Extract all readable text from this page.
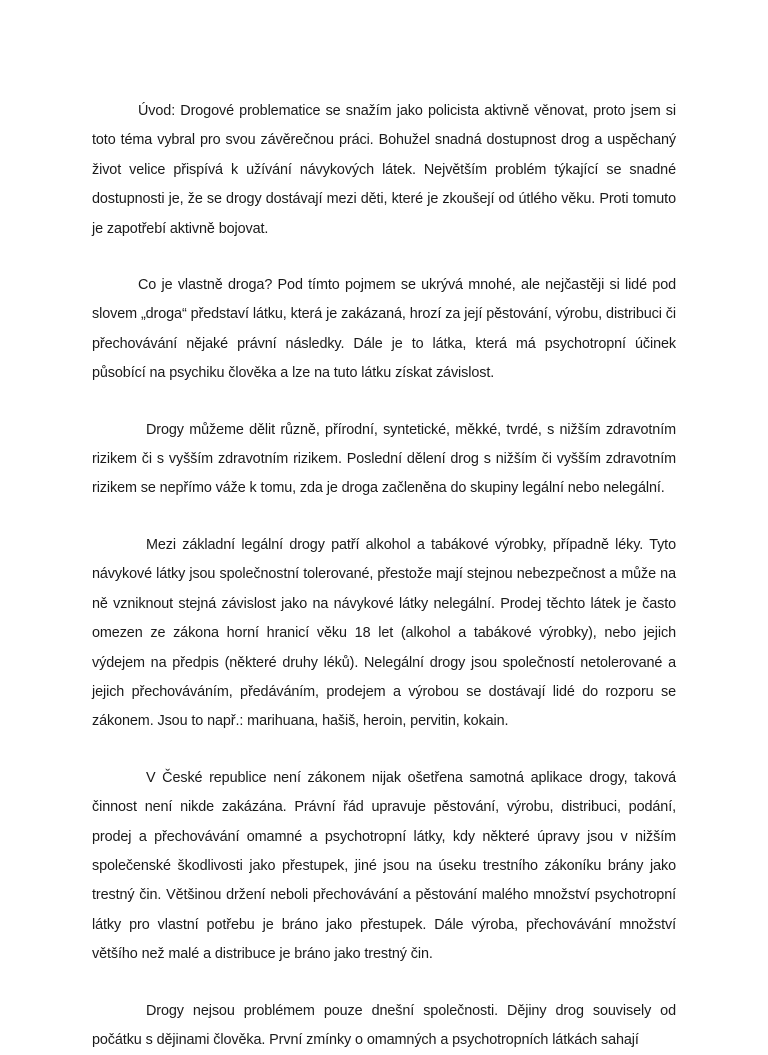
Úvod: Drogové problematice se snažím jako policista aktivně věnovat, proto jsem si toto téma vybral pro svou závěrečnou práci. Bohužel snadná dostupnost drog a uspěchaný život velice přispívá k užívání návykových látek. Největším problém týkající se snadné dostupnosti je, že se drogy dostávají mezi děti, které je zkoušejí od útlého věku. Proti tomuto je zapotřebí aktivně bojovat.

Co je vlastně droga? Pod tímto pojmem se ukrývá mnohé, ale nejčastěji si lidé pod slovem „droga“ představí látku, která je zakázaná, hrozí za její pěstování, výrobu, distribuci či přechovávání nějaké právní následky. Dále je to látka, která má psychotropní účinek působící na psychiku člověka a lze na tuto látku získat závislost.

Drogy můžeme dělit různě, přírodní, syntetické, měkké, tvrdé, s nižším zdravotním rizikem či s vyšším zdravotním rizikem. Poslední dělení drog s nižším či vyšším zdravotním rizikem se nepřímo váže k tomu, zda je droga začleněna do skupiny legální nebo nelegální.

Mezi základní legální drogy patří alkohol a tabákové výrobky, případně léky. Tyto návykové látky jsou společnostní tolerované, přestože mají stejnou nebezpečnost a může na ně vzniknout stejná závislost jako na návykové látky nelegální. Prodej těchto látek je často omezen ze zákona horní hranicí věku 18 let (alkohol a tabákové výrobky), nebo jejich výdejem na předpis (některé druhy léků). Nelegální drogy jsou společností netolerované a jejich přechováváním, předáváním, prodejem a výrobou se dostávají lidé do rozporu se zákonem. Jsou to např.: marihuana, hašiš, heroin, pervitin, kokain.

V České republice není zákonem nijak ošetřena samotná aplikace drogy, taková činnost není nikde zakázána. Právní řád upravuje pěstování, výrobu, distribuci, podání, prodej a přechovávání omamné a psychotropní látky, kdy některé úpravy jsou v nižším společenské škodlivosti jako přestupek, jiné jsou na úseku trestního zákoníku brány jako trestný čin. Většinou držení neboli přechovávání a pěstování malého množství psychotropní látky pro vlastní potřebu je bráno jako přestupek. Dále výroba, přechovávání množství většího než malé a distribuce je bráno jako trestný čin.

Drogy nejsou problémem pouze dnešní společnosti. Dějiny drog souvisely od počátku s dějinami člověka. První zmínky o omamných a psychotropních látkách sahají
